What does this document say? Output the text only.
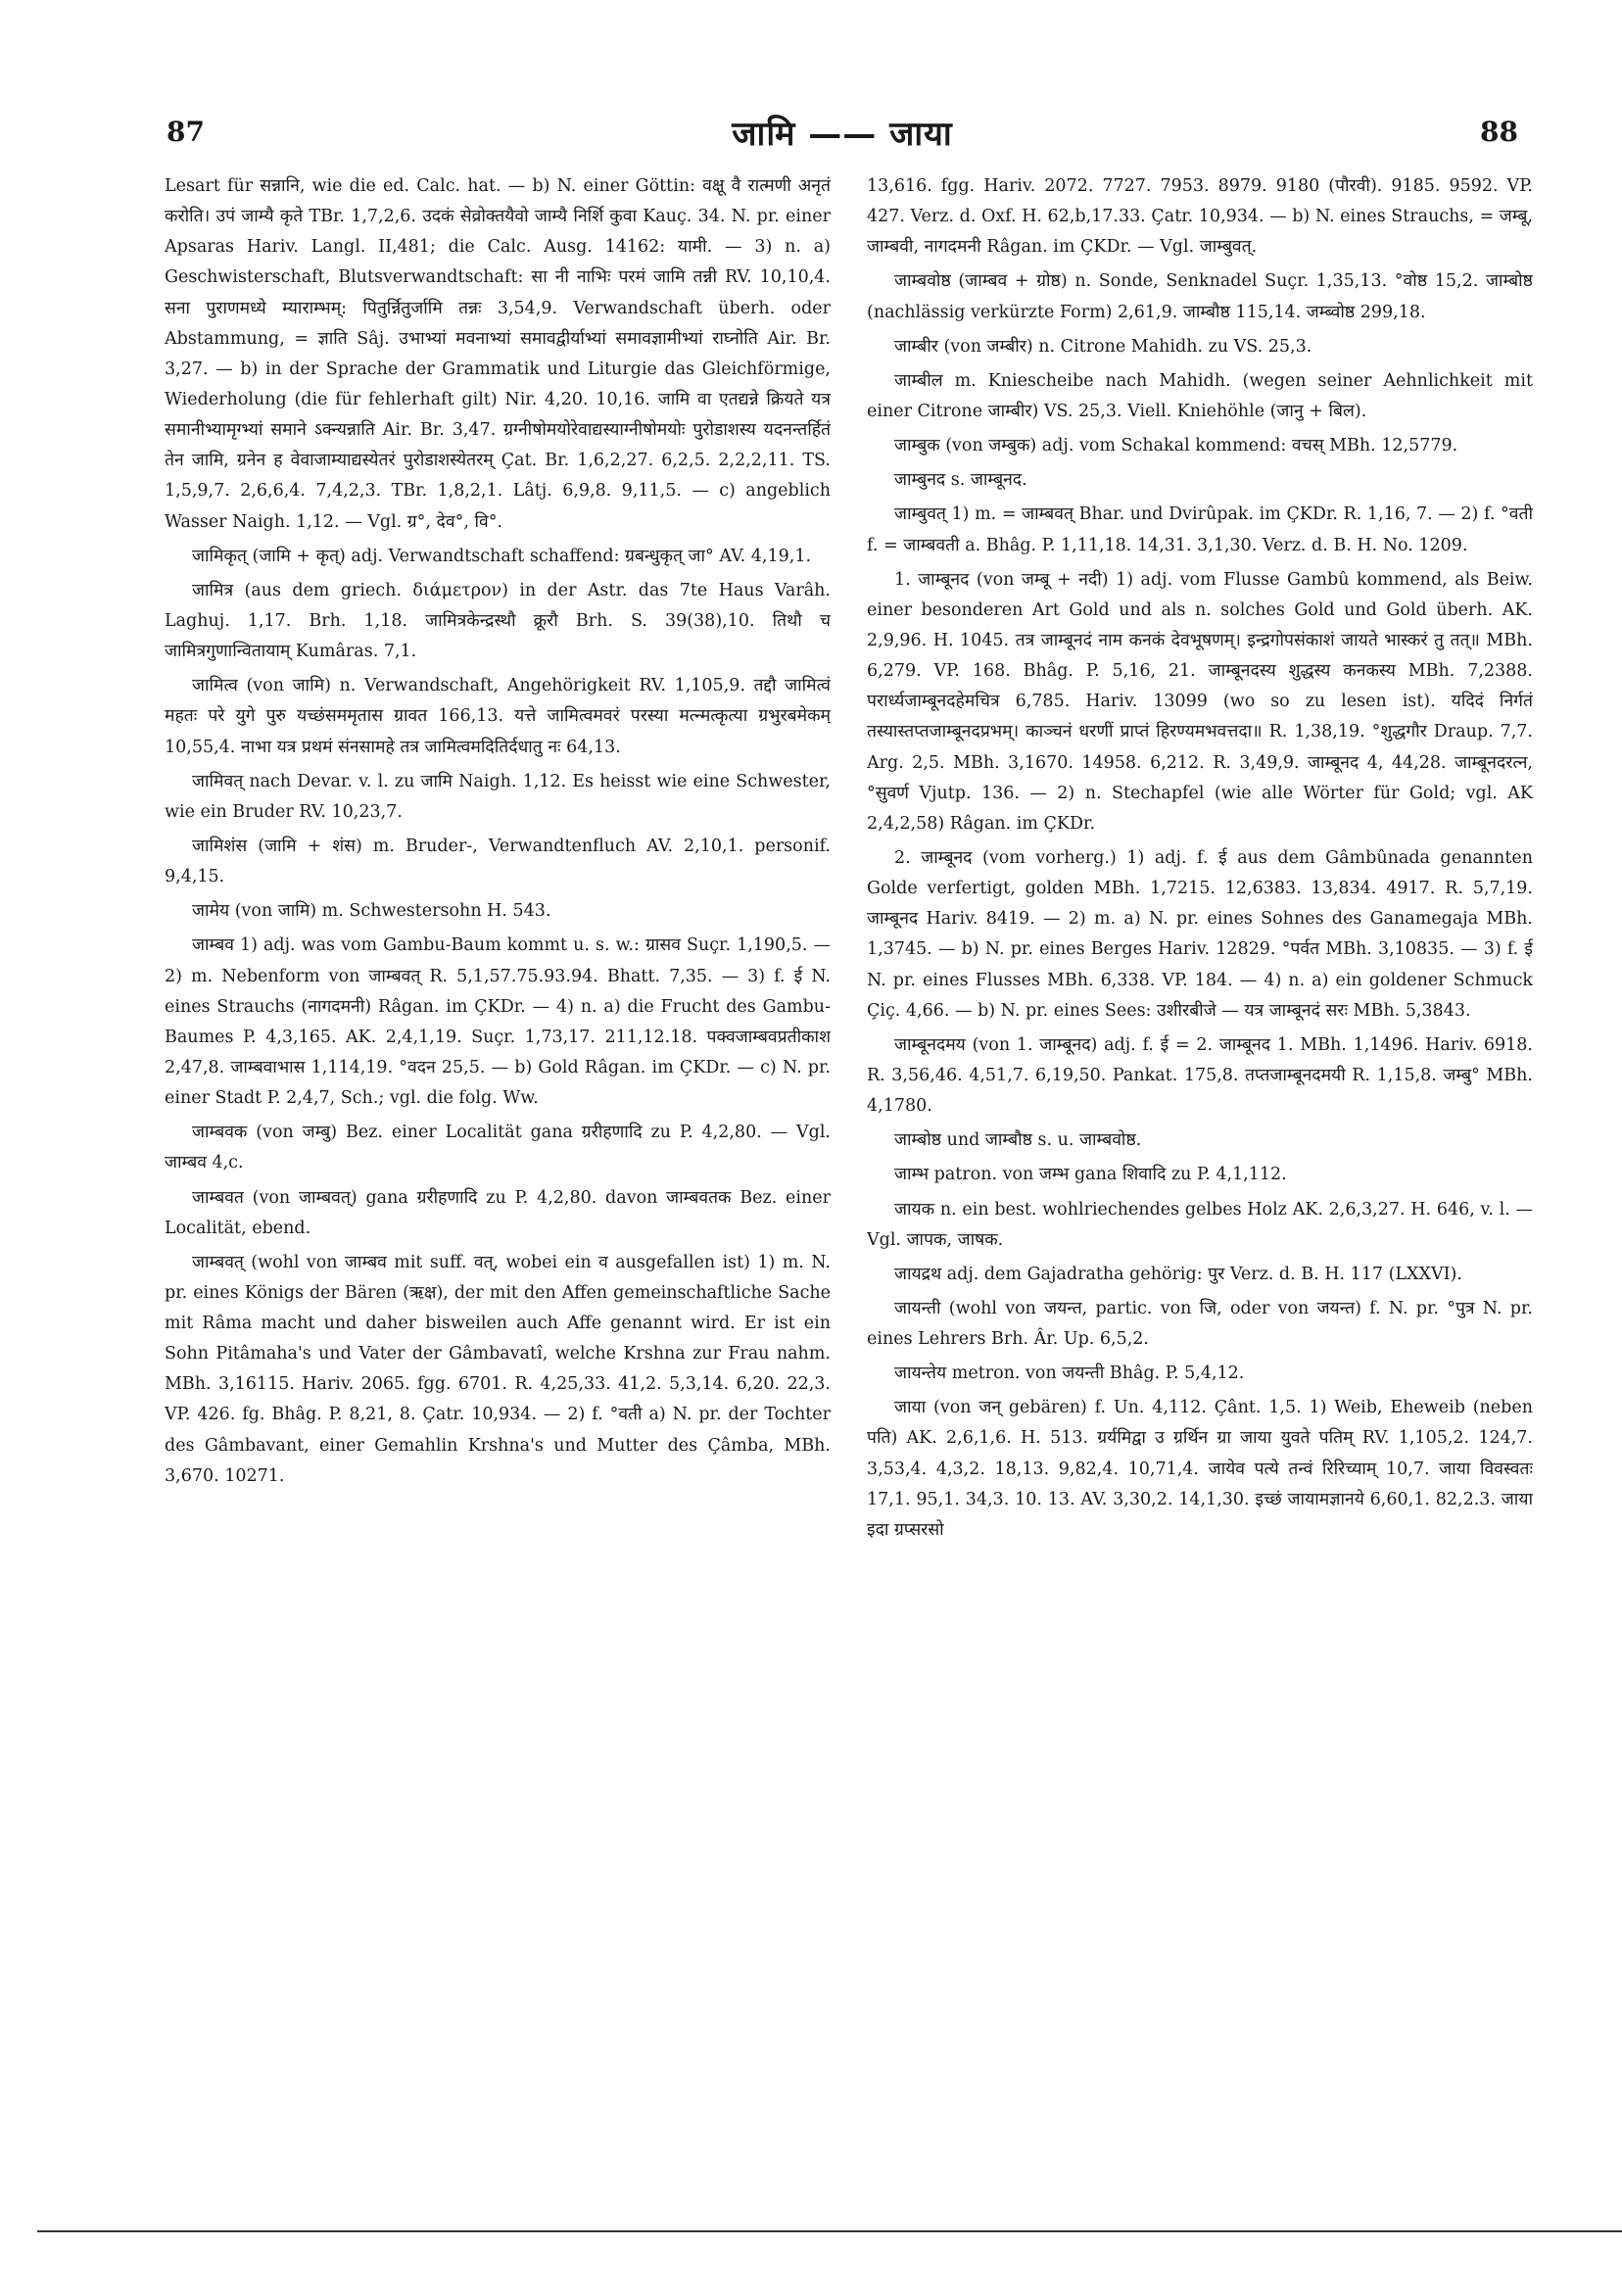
87	जामि —— जाया	88

Lesart für सन्नानि, wie die ed. Calc. hat. — b) N. einer Göttin: वक्षू वै रात्मणी अनृतं करोति। उपं जाम्यै कृते TBr. 1,7,2,6. उदकं सेव्रोक्तयैवो जाम्यै निर्शि कुवा Kauç. 34. N. pr. einer Apsaras Hariv. Langl. II,481; die Calc. Ausg. 14162: यामी. — 3) n. a) Geschwisterschaft, Blutsverwandtschaft: सा नी नाभिः परमं जामि तन्नी RV. 10,10,4. सना पुराणमध्ये म्याराम्भम्: पितुर्न्नितुर्जामि तन्नः 3,54,9. Verwandschaft überh. oder Abstammung, = ज्ञाति Sâj. उभाभ्यां मवनाभ्यां समावद्वीर्याभ्यां समावज्ञामीभ्यां राघ्नोति Air. Br. 3,27. — b) in der Sprache der Grammatik und Liturgie das Gleichförmige, Wiederholung (die für fehlerhaft gilt) Nir. 4,20. 10,16. जामि वा एतद्यन्ने क्रियते यत्र समानीभ्यामृग्भ्यां समाने ऽक्न्यन्नाति Air. Br. 3,47. ग्रग्नीषोमयोरेवाद्यस्याग्नीषोमयोः पुरोडाशस्य यदनन्तर्हितं तेन जामि, ग्रनेन ह वेवाजाम्याद्यस्येतरं पुरोडाशस्येतरम् Çat. Br. 1,6,2,27. 6,2,5. 2,2,2,11. TS. 1,5,9,7. 2,6,6,4. 7,4,2,3. TBr. 1,8,2,1. Lâtj. 6,9,8. 9,11,5. — c) angeblich Wasser Naigh. 1,12. — Vgl. ग्र°, देव°, वि°.

जामिकृत् (जामि + कृत्) adj. Verwandtschaft schaffend: ग्रबन्धुकृत् जा° AV. 4,19,1.

जामित्र (aus dem griech. διάμετρον) in der Astr. das 7te Haus Varâh. Laghuj. 1,17. Brh. 1,18. जामित्रकेन्द्रस्थौ क्रूरौ Brh. S. 39(38),10. तिथौ च जामित्रगुणान्वितायाम् Kumâras. 7,1.

जामित्व (von जामि) n. Verwandschaft, Angehörigkeit RV. 1,105,9. तद्दौ जामित्वं महतः परे युगे पुरु यच्छंसममृतास ग्रावत 166,13. यत्ते जामित्वमवरं परस्या मत्न्मत्कृत्या ग्रभुरबमेकम् 10,55,4. नाभा यत्र प्रथमं संनसामहे तत्र जामित्वमदितिर्दधातु नः 64,13.

जामिवत् nach Devar. v. l. zu जामि Naigh. 1,12. Es heisst wie eine Schwester, wie ein Bruder RV. 10,23,7.

जामिशंस (जामि + शंस) m. Bruder-, Verwandtenfluch AV. 2,10,1. personif. 9,4,15.

जामेय (von जामि) m. Schwestersohn H. 543.

जाम्बव 1) adj. was vom Gambu-Baum kommt u. s. w.: ग्रासव Suçr. 1,190,5. — 2) m. Nebenform von जाम्बवत् R. 5,1,57.75.93.94. Bhatt. 7,35. — 3) f. ई N. eines Strauchs (नागदमनी) Râgan. im ÇKDr. — 4) n. a) die Frucht des Gambu-Baumes P. 4,3,165. AK. 2,4,1,19. Suçr. 1,73,17. 211,12.18. पक्वजाम्बवप्रतीकाश 2,47,8. जाम्बवाभास 1,114,19. °वदन 25,5. — b) Gold Râgan. im ÇKDr. — c) N. pr. einer Stadt P. 2,4,7, Sch.; vgl. die folg. Ww.

जाम्बवक (von जम्बु) Bez. einer Localität gana ग्ररीहणादि zu P. 4,2,80. — Vgl. जाम्बव 4,c.

जाम्बवत (von जाम्बवत्) gana ग्ररीहणादि zu P. 4,2,80. davon जाम्बवतक Bez. einer Localität, ebend.

जाम्बवत् (wohl von जाम्बव mit suff. वत्, wobei ein व ausgefallen ist) 1) m. N. pr. eines Königs der Bären (ऋक्ष), der mit den Affen gemeinschaftliche Sache mit Râma macht und daher bisweilen auch Affe genannt wird. Er ist ein Sohn Pitâmaha's und Vater der Gâmbavatî, welche Krshna zur Frau nahm. MBh. 3,16115. Hariv. 2065. fgg. 6701. R. 4,25,33. 41,2. 5,3,14. 6,20. 22,3. VP. 426. fg. Bhâg. P. 8,21, 8. Çatr. 10,934. — 2) f. °वती a) N. pr. der Tochter des Gâmbavant, einer Gemahlin Krshna's und Mutter des Çâmba, MBh. 3,670. 10271.

13,616. fgg. Hariv. 2072. 7727. 7953. 8979. 9180 (पौरवी). 9185. 9592. VP. 427. Verz. d. Oxf. H. 62,b,17.33. Çatr. 10,934. — b) N. eines Strauchs, = जम्बू, जाम्बवी, नागदमनी Râgan. im ÇKDr. — Vgl. जाम्बुवत्.

जाम्बवोष्ठ (जाम्बव + ग्रोष्ठ) n. Sonde, Senknadel Suçr. 1,35,13. °वोष्ठ 15,2. जाम्बोष्ठ (nachlässig verkürzte Form) 2,61,9. जाम्बौष्ठ 115,14. जम्ब्वोष्ठ 299,18.

जाम्बीर (von जम्बीर) n. Citrone Mahidh. zu VS. 25,3.

जाम्बील m. Kniescheibe nach Mahidh. (wegen seiner Aehnlichkeit mit einer Citrone जाम्बीर) VS. 25,3. Viell. Kniehöhle (जानु + बिल).

जाम्बुक (von जम्बुक) adj. vom Schakal kommend: वचस् MBh. 12,5779.

जाम्बुनद s. जाम्बूनद.

जाम्बुवत् 1) m. = जाम्बवत् Bhar. und Dvirûpak. im ÇKDr. R. 1,16, 7. — 2) f. °वती f. = जाम्बवती a. Bhâg. P. 1,11,18. 14,31. 3,1,30. Verz. d. B. H. No. 1209.

1. जाम्बूनद (von जम्बू + नदी) 1) adj. vom Flusse Gambû kommend, als Beiw. einer besonderen Art Gold und als n. solches Gold und Gold überh. AK. 2,9,96. H. 1045. तत्र जाम्बूनदं नाम कनकं देवभूषणम्। इन्द्रगोपसंकाशं जायते भास्करं तु तत्॥ MBh. 6,279. VP. 168. Bhâg. P. 5,16, 21. जाम्बूनदस्य शुद्धस्य कनकस्य MBh. 7,2388. परार्ध्यजाम्बूनदहेमचित्र 6,785. Hariv. 13099 (wo so zu lesen ist). यदिदं निर्गतं तस्यास्तप्तजाम्बूनदप्रभम्। काञ्चनं धरणीं प्राप्तं हिरण्यमभवत्तदा॥ R. 1,38,19. °शुद्धगौर Draup. 7,7. Arg. 2,5. MBh. 3,1670. 14958. 6,212. R. 3,49,9. जाम्बूनद 4, 44,28. जाम्बूनदरत्न, °सुवर्ण Vjutp. 136. — 2) n. Stechapfel (wie alle Wörter für Gold; vgl. AK 2,4,2,58) Râgan. im ÇKDr.

2. जाम्बूनद (vom vorherg.) 1) adj. f. ई aus dem Gâmbûnada genannten Golde verfertigt, golden MBh. 1,7215. 12,6383. 13,834. 4917. R. 5,7,19. जाम्बूनद Hariv. 8419. — 2) m. a) N. pr. eines Sohnes des Ganamegaja MBh. 1,3745. — b) N. pr. eines Berges Hariv. 12829. °पर्वत MBh. 3,10835. — 3) f. ई N. pr. eines Flusses MBh. 6,338. VP. 184. — 4) n. a) ein goldener Schmuck Çiç. 4,66. — b) N. pr. eines Sees: उशीरबीजे — यत्र जाम्बूनदं सरः MBh. 5,3843.

जाम्बूनदमय (von 1. जाम्बूनद) adj. f. ई = 2. जाम्बूनद 1. MBh. 1,1496. Hariv. 6918. R. 3,56,46. 4,51,7. 6,19,50. Pankat. 175,8. तप्तजाम्बूनदमयी R. 1,15,8. जम्बु° MBh. 4,1780.

जाम्बोष्ठ und जाम्बौष्ठ s. u. जाम्बवोष्ठ.

जाम्भ patron. von जम्भ gana शिवादि zu P. 4,1,112.

जायक n. ein best. wohlriechendes gelbes Holz AK. 2,6,3,27. H. 646, v. l. — Vgl. जापक, जाषक.

जायद्रथ adj. dem Gajadratha gehörig: पुर Verz. d. B. H. 117 (LXXVI).

जायन्ती (wohl von जयन्त, partic. von जि, oder von जयन्त) f. N. pr. °पुत्र N. pr. eines Lehrers Brh. Âr. Up. 6,5,2.

जायन्तेय metron. von जयन्ती Bhâg. P. 5,4,12.

जाया (von जन् gebären) f. Un. 4,112. Çânt. 1,5. 1) Weib, Eheweib (neben पति) AK. 2,6,1,6. H. 513. ग्रर्यमिद्वा उ ग्रर्थिन ग्रा जाया युवते पतिम् RV. 1,105,2. 124,7. 3,53,4. 4,3,2. 18,13. 9,82,4. 10,71,4. जायेव पत्ये तन्वं रिरिच्याम् 10,7. जाया विवस्वतः 17,1. 95,1. 34,3. 10. 13. AV. 3,30,2. 14,1,30. इच्छं जायामज्ञानये 6,60,1. 82,2.3. जाया इदा ग्रप्सरसो
